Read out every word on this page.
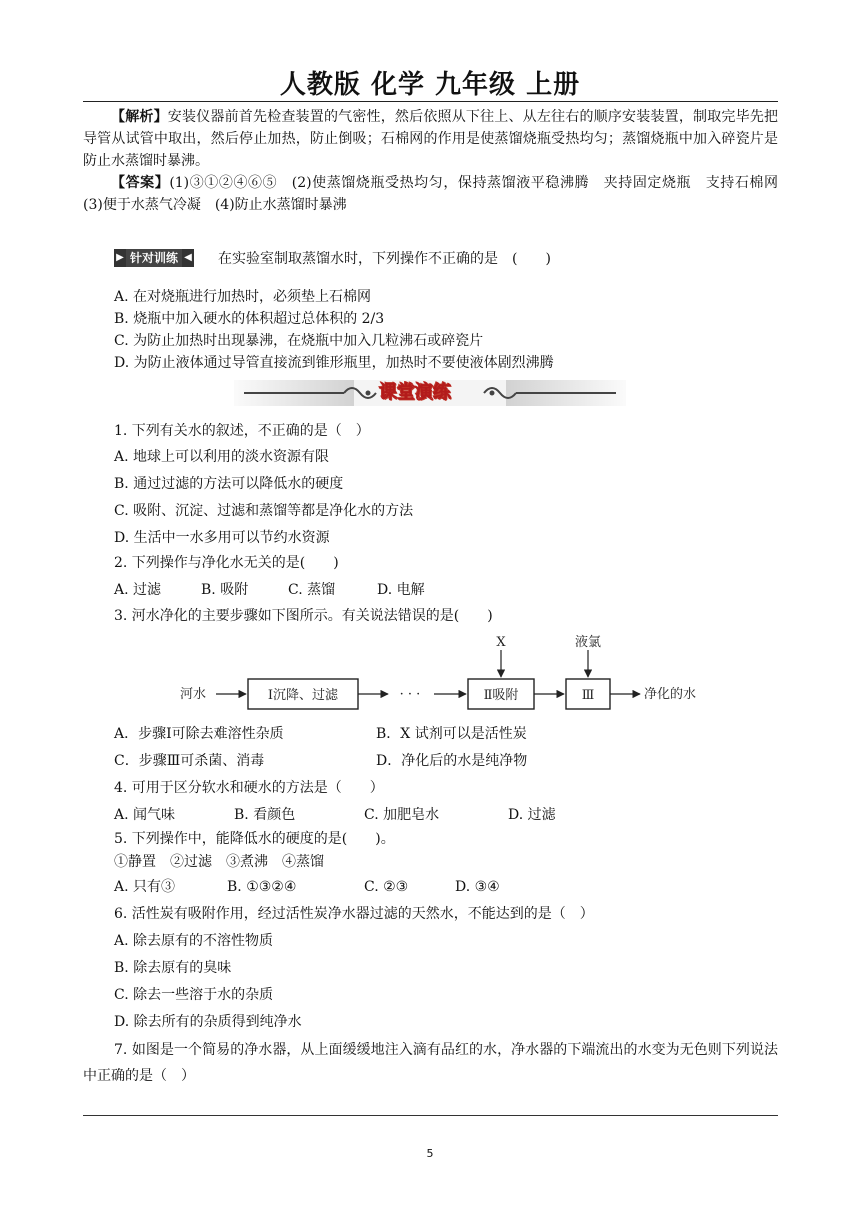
人教版 化学 九年级 上册

【解析】安装仪器前首先检查装置的气密性，然后依照从下往上、从左往右的顺序安装装置，制取完毕先把导管从试管中取出，然后停止加热，防止倒吸；石棉网的作用是使蒸馏烧瓶受热均匀；蒸馏烧瓶中加入碎瓷片是防止水蒸馏时暴沸。

【答案】(1)③①②④⑥⑤　(2)使蒸馏烧瓶受热均匀，保持蒸馏液平稳沸腾　夹持固定烧瓶　支持石棉网　(3)便于水蒸气冷凝　(4)防止水蒸馏时暴沸

▶ 针对训练 ◀ 在实验室制取蒸馏水时，下列操作不正确的是　(　　)
A. 在对烧瓶进行加热时，必须垫上石棉网
B. 烧瓶中加入硬水的体积超过总体积的 2/3
C. 为防止加热时出现暴沸，在烧瓶中加入几粒沸石或碎瓷片
D. 为防止液体通过导管直接流到锥形瓶里，加热时不要使液体剧烈沸腾
课堂演练
1. 下列有关水的叙述，不正确的是（　）
A. 地球上可以利用的淡水资源有限
B. 通过过滤的方法可以降低水的硬度
C. 吸附、沉淀、过滤和蒸馏等都是净化水的方法
D. 生活中一水多用可以节约水资源
2. 下列操作与净化水无关的是(　　)
A. 过滤	B. 吸附	C. 蒸馏	D. 电解
3. 河水净化的主要步骤如下图所示。有关说法错误的是(　　)
河水	Ⅰ沉降、过滤	· · ·	Ⅱ吸附
X
Ⅲ
液氯
净化的水
A．步骤Ⅰ可除去难溶性杂质	B．X 试剂可以是活性炭
C．步骤Ⅲ可杀菌、消毒	D．净化后的水是纯净物
4. 可用于区分软水和硬水的方法是（　　）
A. 闻气味	B. 看颜色	C. 加肥皂水	D. 过滤
5. 下列操作中，能降低水的硬度的是(　　)。
①静置　②过滤　③煮沸　④蒸馏
A. 只有③	B. ①③②④	C. ②③	D. ③④
6. 活性炭有吸附作用，经过活性炭净水器过滤的天然水，不能达到的是（　）
A. 除去原有的不溶性物质
B. 除去原有的臭味
C. 除去一些溶于水的杂质
D. 除去所有的杂质得到纯净水

7. 如图是一个简易的净水器，从上面缓缓地注入滴有品红的水，净水器的下端流出的水变为无色则下列说法中正确的是（　）

5
